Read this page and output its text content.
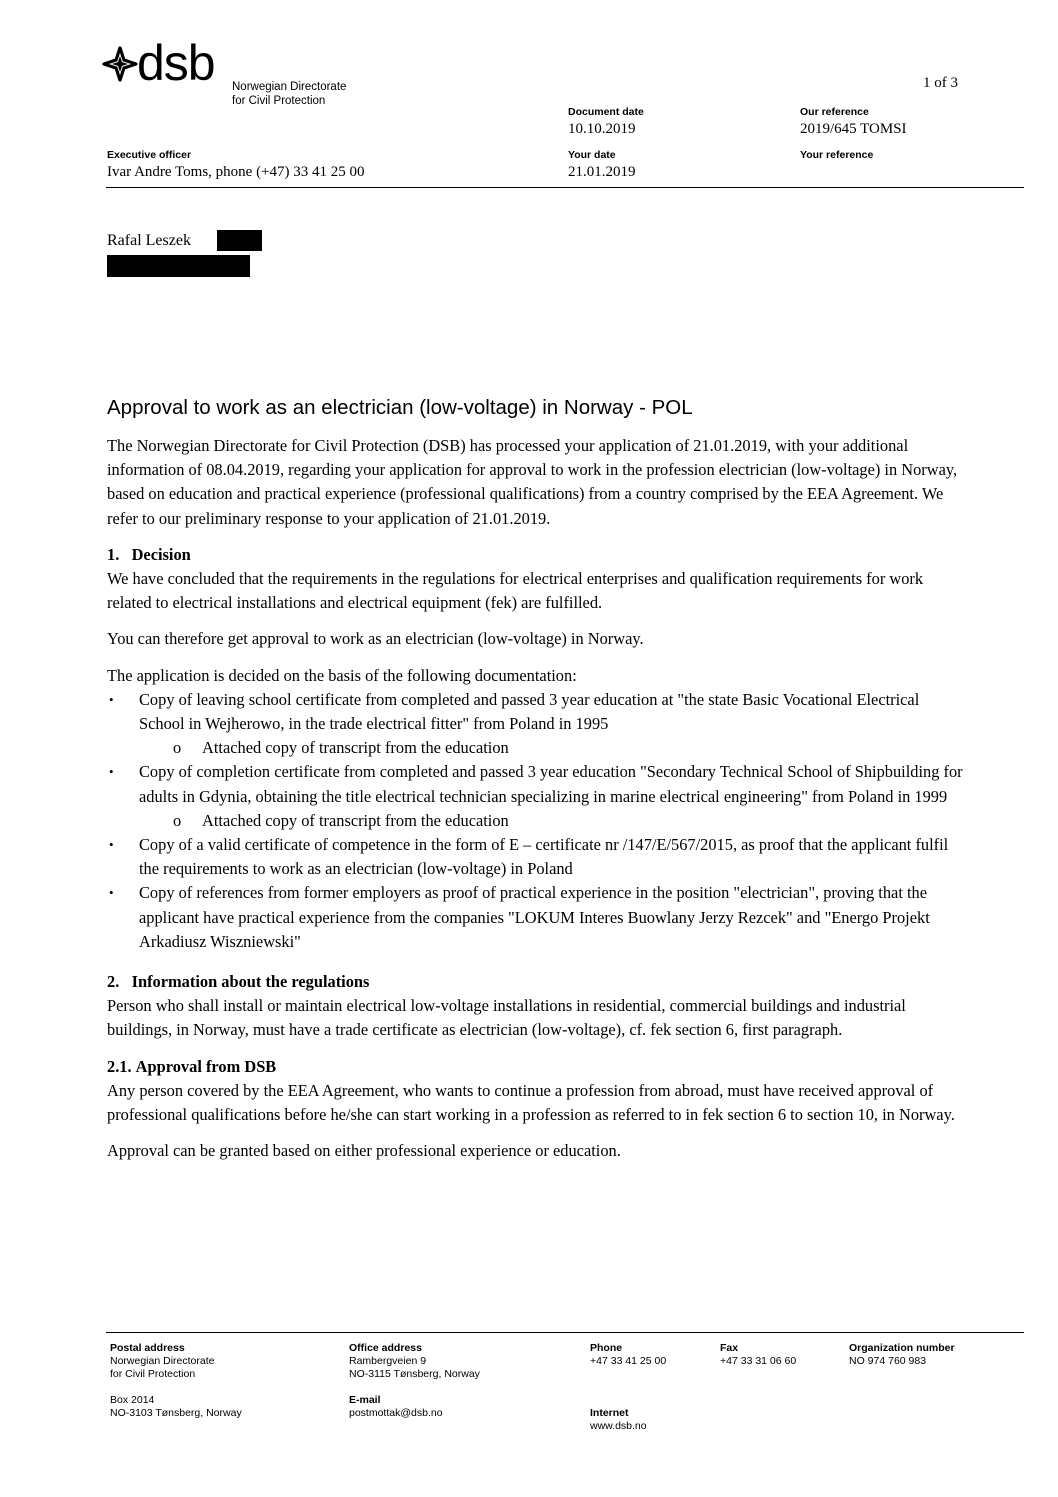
dsb Norwegian Directorate
for Civil Protection
1 of 3
Document date
10.10.2019
Our reference
2019/645 TOMSI
Executive officer
Ivar Andre Toms, phone (+47) 33 41 25 00
Your date
21.01.2019
Your reference
Rafal Leszek
Approval to work as an electrician (low-voltage) in Norway - POL

The Norwegian Directorate for Civil Protection (DSB) has processed your application of 21.01.2019, with your additional information of 08.04.2019, regarding your application for approval to work in the profession electrician (low-voltage) in Norway, based on education and practical experience (professional qualifications) from a country comprised by the EEA Agreement. We refer to our preliminary response to your application of 21.01.2019.

1.   Decision

We have concluded that the requirements in the regulations for electrical enterprises and qualification requirements for work related to electrical installations and electrical equipment (fek) are fulfilled.

You can therefore get approval to work as an electrician (low-voltage) in Norway.

The application is decided on the basis of the following documentation:

• Copy of leaving school certificate from completed and passed 3 year education at "the state Basic Vocational Electrical School in Wejherowo, in the trade electrical fitter" from Poland in 1995
o Attached copy of transcript from the education
• Copy of completion certificate from completed and passed 3 year education "Secondary Technical School of Shipbuilding for adults in Gdynia, obtaining the title electrical technician specializing in marine electrical engineering" from Poland in 1999
o Attached copy of transcript from the education
• Copy of a valid certificate of competence in the form of E – certificate nr /147/E/567/2015, as proof that the applicant fulfil the requirements to work as an electrician (low-voltage) in Poland
• Copy of references from former employers as proof of practical experience in the position "electrician", proving that the applicant have practical experience from the companies "LOKUM Interes Buowlany Jerzy Rezcek" and "Energo Projekt Arkadiusz Wiszniewski"
2.   Information about the regulations

Person who shall install or maintain electrical low-voltage installations in residential, commercial buildings and industrial buildings, in Norway, must have a trade certificate as electrician (low-voltage), cf. fek section 6, first paragraph.

2.1. Approval from DSB

Any person covered by the EEA Agreement, who wants to continue a profession from abroad, must have received approval of professional qualifications before he/she can start working in a profession as referred to in fek section 6 to section 10, in Norway.

Approval can be granted based on either professional experience or education.

Postal address
Norwegian Directorate
for Civil Protection
Box 2014
NO-3103 Tønsberg, Norway
Office address
Rambergveien 9
NO-3115 Tønsberg, Norway
E-mail
postmottak@dsb.no
Phone
+47 33 41 25 00
Internet
www.dsb.no
Fax
+47 33 31 06 60
Organization number
NO 974 760 983
